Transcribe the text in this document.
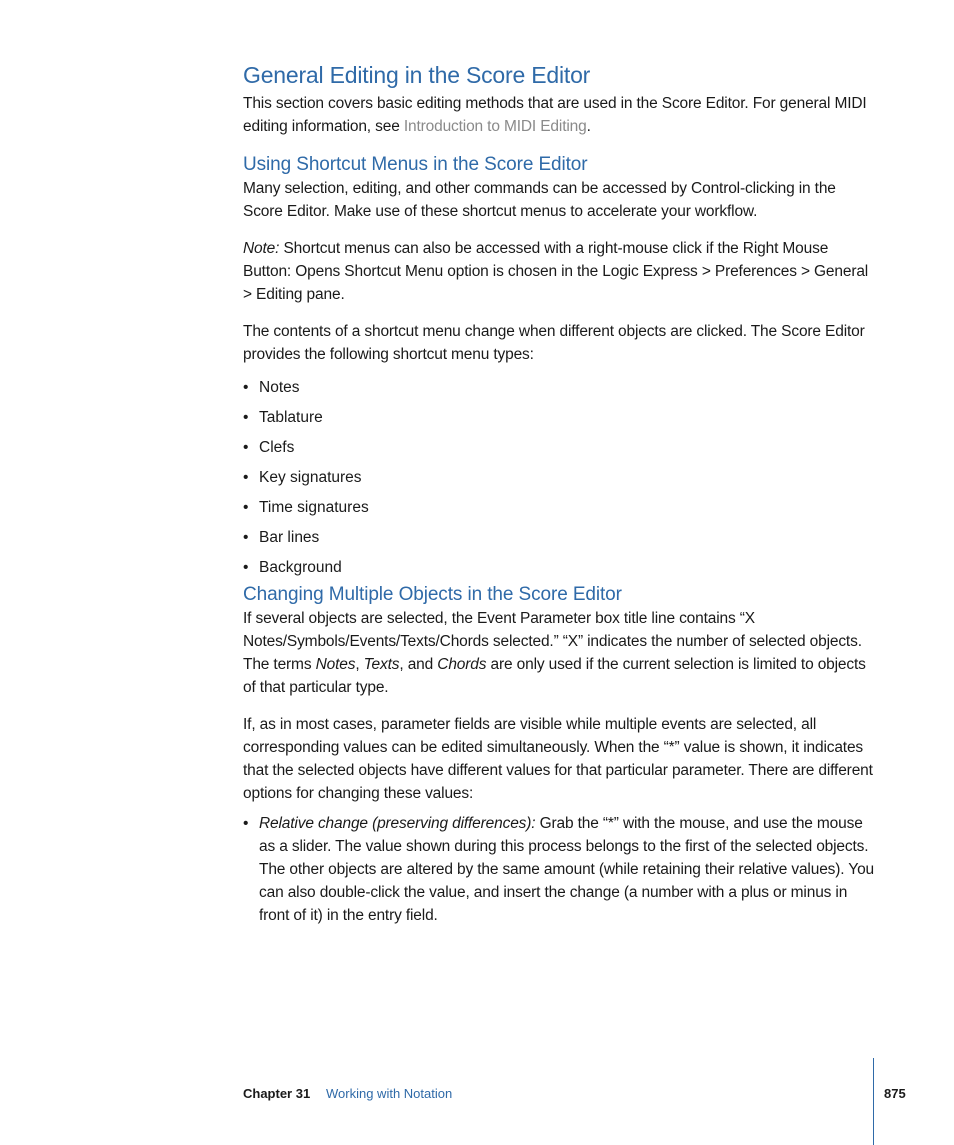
General Editing in the Score Editor

This section covers basic editing methods that are used in the Score Editor. For general MIDI editing information, see Introduction to MIDI Editing.

Using Shortcut Menus in the Score Editor

Many selection, editing, and other commands can be accessed by Control-clicking in the Score Editor. Make use of these shortcut menus to accelerate your workflow.

Note: Shortcut menus can also be accessed with a right-mouse click if the Right Mouse Button: Opens Shortcut Menu option is chosen in the Logic Express > Preferences > General > Editing pane.

The contents of a shortcut menu change when different objects are clicked. The Score Editor provides the following shortcut menu types:

• Notes
• Tablature
• Clefs
• Key signatures
• Time signatures
• Bar lines
• Background
Changing Multiple Objects in the Score Editor

If several objects are selected, the Event Parameter box title line contains “X Notes/Symbols/Events/Texts/Chords selected.” “X” indicates the number of selected objects. The terms Notes, Texts, and Chords are only used if the current selection is limited to objects of that particular type.

If, as in most cases, parameter fields are visible while multiple events are selected, all corresponding values can be edited simultaneously. When the “*” value is shown, it indicates that the selected objects have different values for that particular parameter. There are different options for changing these values:

• Relative change (preserving differences): Grab the “*” with the mouse, and use the mouse as a slider. The value shown during this process belongs to the first of the selected objects. The other objects are altered by the same amount (while retaining their relative values). You can also double-click the value, and insert the change (a number with a plus or minus in front of it) in the entry field.
Chapter 31 Working with Notation	875
